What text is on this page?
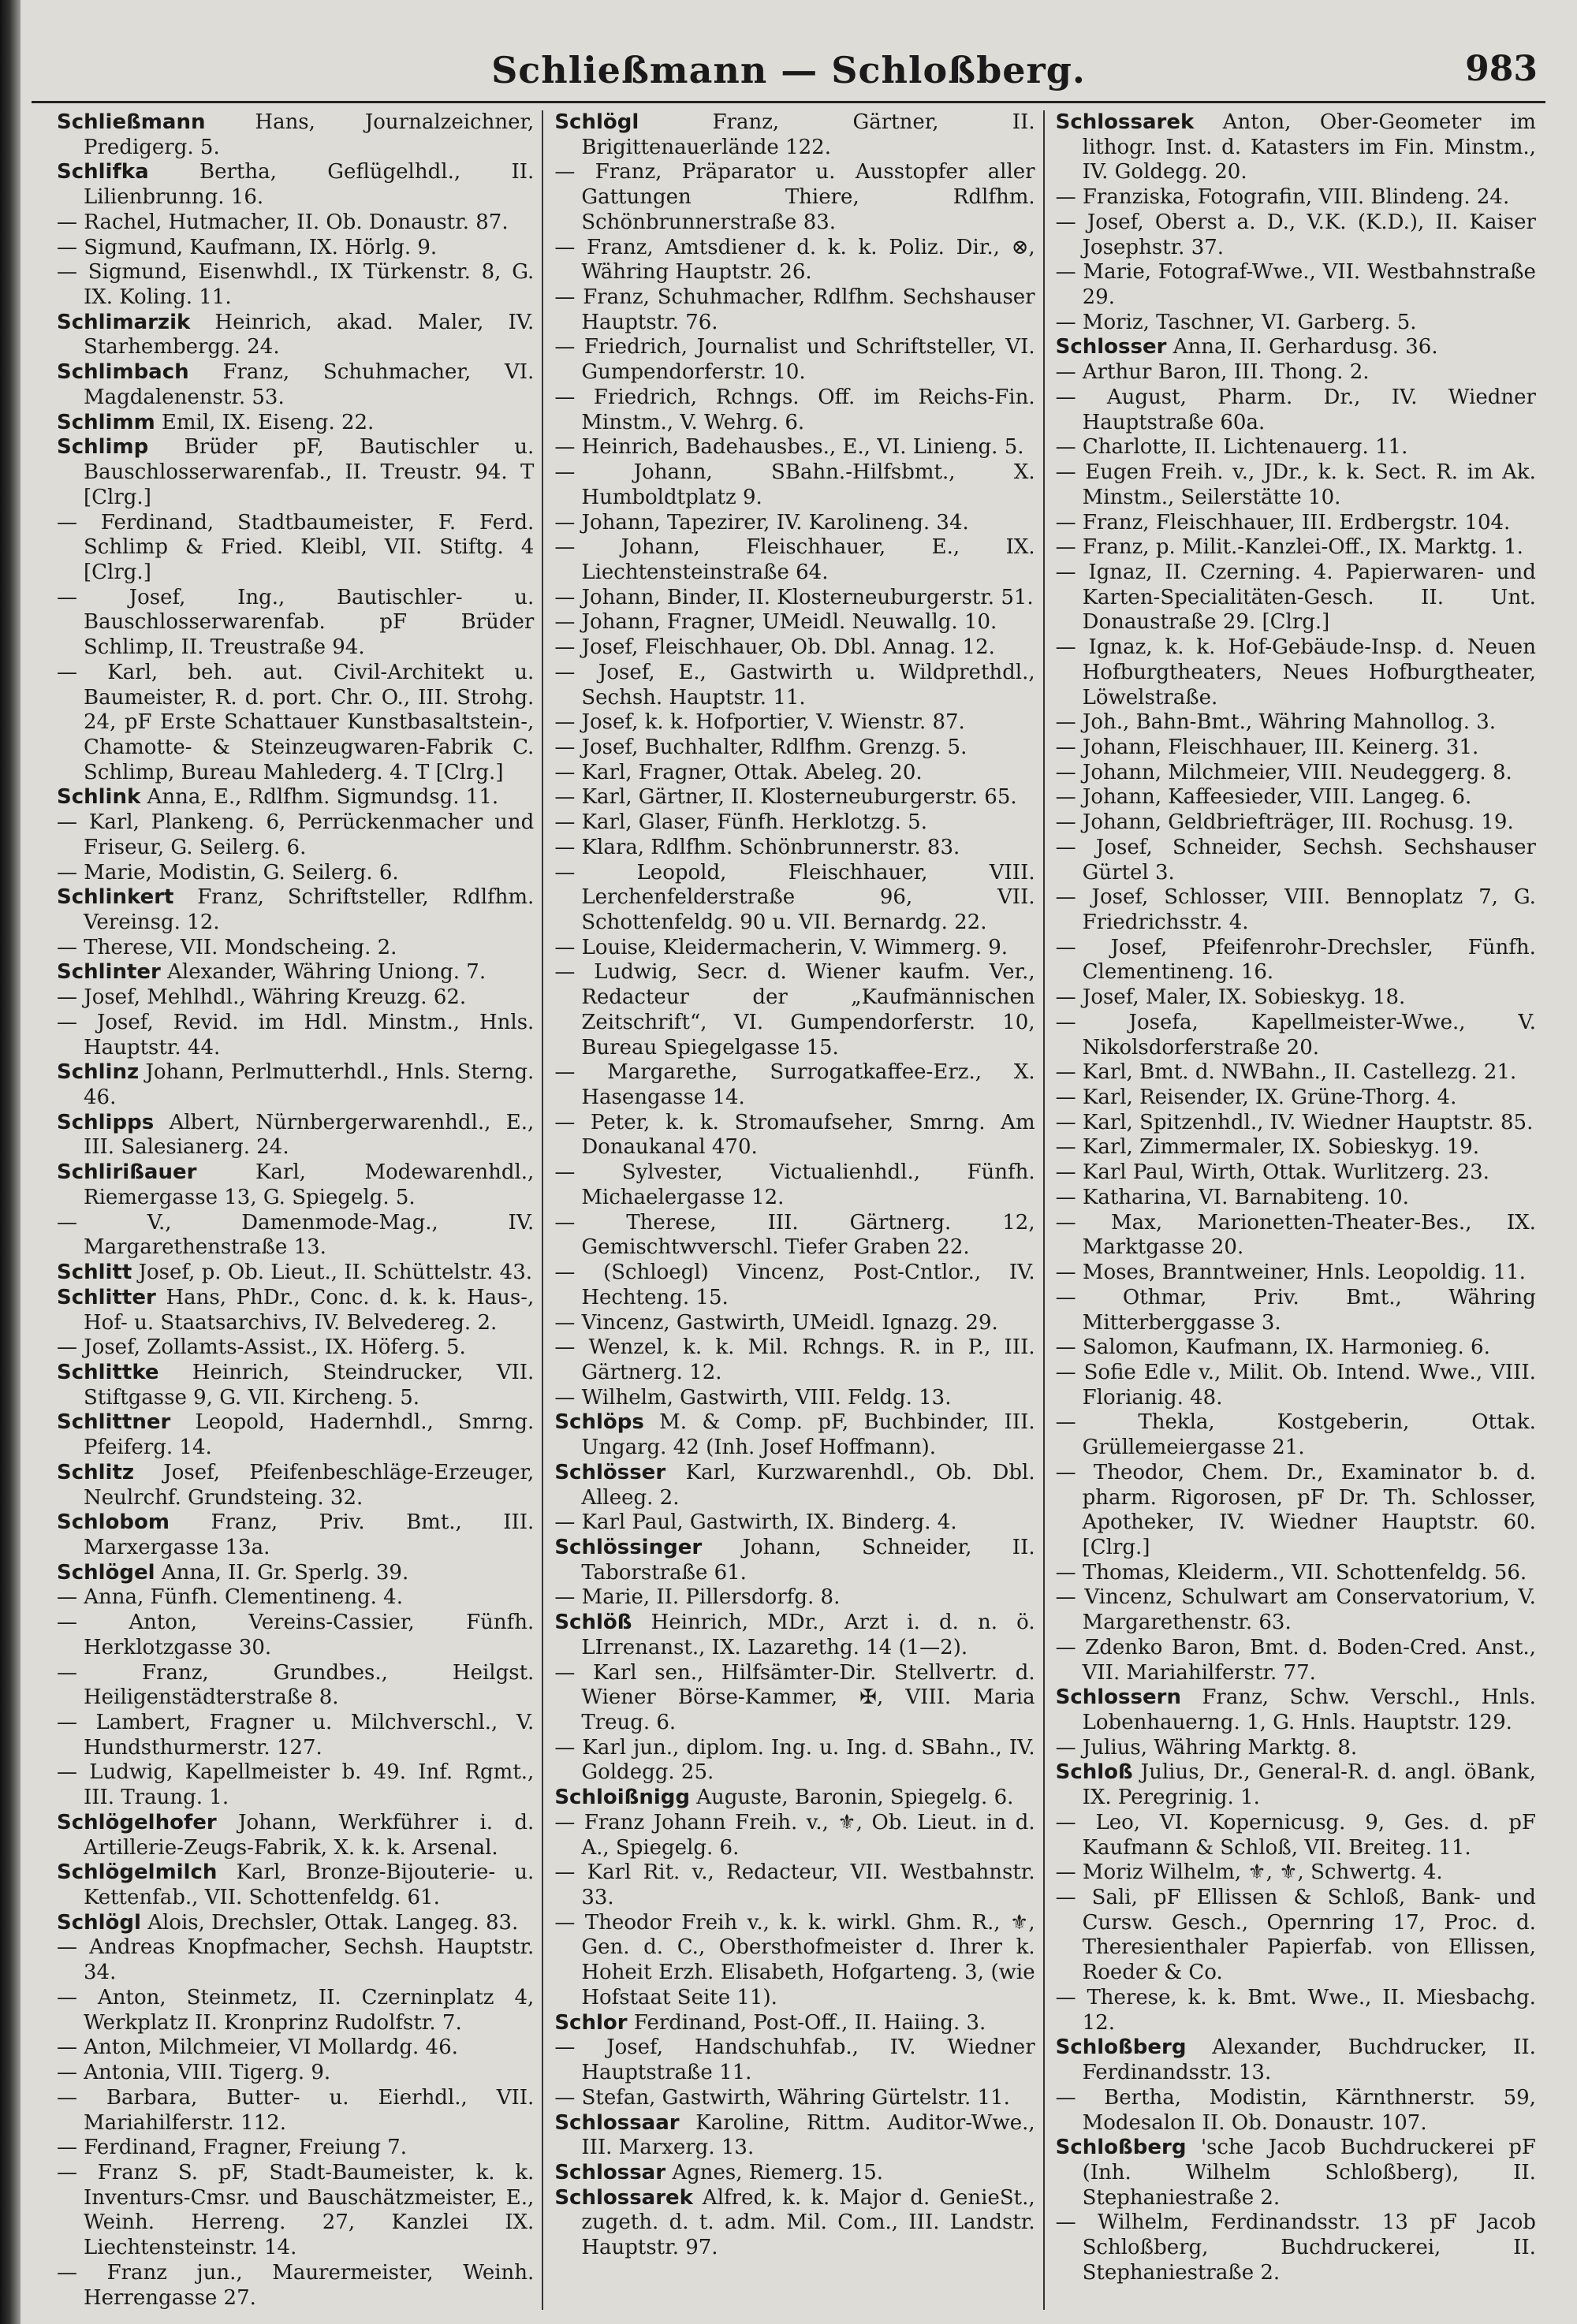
Schließmann — Schloßberg.	983

Schließmann Hans, Journalzeichner, Predigerg. 5.

Schlifka Bertha, Geflügelhdl., II. Lilienbrunng. 16.

— Rachel, Hutmacher, II. Ob. Donaustr. 87.

— Sigmund, Kaufmann, IX. Hörlg. 9.

— Sigmund, Eisenwhdl., IX Türkenstr. 8, G. IX. Koling. 11.

Schlimarzik Heinrich, akad. Maler, IV. Starhembergg. 24.

Schlimbach Franz, Schuhmacher, VI. Magdalenenstr. 53.

Schlimm Emil, IX. Eiseng. 22.

Schlimp Brüder pF, Bautischler u. Bauschlosserwarenfab., II. Treustr. 94. T [Clrg.]

— Ferdinand, Stadtbaumeister, F. Ferd. Schlimp & Fried. Kleibl, VII. Stiftg. 4 [Clrg.]

— Josef, Ing., Bautischler- u. Bauschlosserwarenfab. pF Brüder Schlimp, II. Treustraße 94.

— Karl, beh. aut. Civil-Architekt u. Baumeister, R. d. port. Chr. O., III. Strohg. 24, pF Erste Schattauer Kunstbasaltstein-, Chamotte- & Steinzeugwaren-Fabrik C. Schlimp, Bureau Mahlederg. 4. T [Clrg.]

Schlink Anna, E., Rdlfhm. Sigmundsg. 11.

— Karl, Plankeng. 6, Perrückenmacher und Friseur, G. Seilerg. 6.

— Marie, Modistin, G. Seilerg. 6.

Schlinkert Franz, Schriftsteller, Rdlfhm. Vereinsg. 12.

— Therese, VII. Mondscheing. 2.

Schlinter Alexander, Währing Uniong. 7.

— Josef, Mehlhdl., Währing Kreuzg. 62.

— Josef, Revid. im Hdl. Minstm., Hnls. Hauptstr. 44.

Schlinz Johann, Perlmutterhdl., Hnls. Sterng. 46.

Schlipps Albert, Nürnbergerwarenhdl., E., III. Salesianerg. 24.

Schlirißauer	Karl, Modewarenhdl., Riemergasse 13, G. Spiegelg. 5.

— V., Damenmode-Mag., IV. Margarethenstraße 13.

Schlitt Josef, p. Ob. Lieut., II. Schüttelstr. 43.

Schlitter Hans, PhDr., Conc. d. k. k. Haus-, Hof- u. Staatsarchivs, IV. Belvedereg. 2.

— Josef, Zollamts-Assist., IX. Höferg. 5.

Schlittke Heinrich, Steindrucker, VII. Stiftgasse 9, G. VII. Kircheng. 5.

Schlittner Leopold, Hadernhdl., Smrng. Pfeiferg. 14.

Schlitz Josef, Pfeifenbeschläge-Erzeuger, Neulrchf. Grundsteing. 32.

Schlobom Franz, Priv. Bmt., III. Marxergasse 13a.

Schlögel Anna, II. Gr. Sperlg. 39.

— Anna, Fünfh. Clementineng. 4.

— Anton, Vereins-Cassier, Fünfh. Herklotzgasse 30.

— Franz, Grundbes., Heilgst. Heiligenstädterstraße 8.

— Lambert, Fragner u. Milchverschl., V. Hundsthurmerstr. 127.

— Ludwig, Kapellmeister b. 49. Inf. Rgmt., III. Traung. 1.

Schlögelhofer Johann, Werkführer i. d. Artillerie-Zeugs-Fabrik, X. k. k. Arsenal.

Schlögelmilch Karl, Bronze-Bijouterie- u. Kettenfab., VII. Schottenfeldg. 61.

Schlögl Alois, Drechsler, Ottak. Langeg. 83.

— Andreas Knopfmacher, Sechsh. Hauptstr. 34.

— Anton, Steinmetz, II. Czerninplatz 4, Werkplatz II. Kronprinz Rudolfstr. 7.

— Anton, Milchmeier, VI Mollardg. 46.

— Antonia, VIII. Tigerg. 9.

— Barbara, Butter- u. Eierhdl., VII. Mariahilferstr. 112.

— Ferdinand, Fragner, Freiung 7.

— Franz S. pF, Stadt-Baumeister, k. k. Inventurs-Cmsr. und Bauschätzmeister, E., Weinh. Herreng. 27, Kanzlei IX. Liechtensteinstr. 14.

— Franz jun., Maurermeister, Weinh. Herrengasse 27.

Schlögl	Franz, Gärtner, II. Brigittenauerlände 122.

— Franz, Präparator u. Ausstopfer aller Gattungen Thiere, Rdlfhm. Schönbrunnerstraße 83.

— Franz, Amtsdiener d. k. k. Poliz. Dir., ⊗, Währing Hauptstr. 26.

— Franz, Schuhmacher, Rdlfhm. Sechshauser Hauptstr. 76.

— Friedrich, Journalist und Schriftsteller, VI. Gumpendorferstr. 10.

— Friedrich, Rchngs. Off. im Reichs-Fin. Minstm., V. Wehrg. 6.

— Heinrich, Badehausbes., E., VI. Linieng. 5.

— Johann, SBahn.-Hilfsbmt., X. Humboldtplatz 9.

— Johann, Tapezirer, IV. Karolineng. 34.

— Johann, Fleischhauer, E., IX. Liechtensteinstraße 64.

— Johann, Binder, II. Klosterneuburgerstr. 51.

— Johann, Fragner, UMeidl. Neuwallg. 10.

— Josef, Fleischhauer, Ob. Dbl. Annag. 12.

— Josef, E., Gastwirth u. Wildprethdl., Sechsh. Hauptstr. 11.

— Josef, k. k. Hofportier, V. Wienstr. 87.

— Josef, Buchhalter, Rdlfhm. Grenzg. 5.

— Karl, Fragner, Ottak. Abeleg. 20.

— Karl, Gärtner, II. Klosterneuburgerstr. 65.

— Karl, Glaser, Fünfh. Herklotzg. 5.

— Klara, Rdlfhm. Schönbrunnerstr. 83.

— Leopold, Fleischhauer, VIII. Lerchenfelderstraße 96, VII. Schottenfeldg. 90 u. VII. Bernardg. 22.

— Louise, Kleidermacherin, V. Wimmerg. 9.

— Ludwig, Secr. d. Wiener kaufm. Ver., Redacteur der „Kaufmännischen Zeitschrift“, VI. Gumpendorferstr. 10, Bureau Spiegelgasse 15.

— Margarethe, Surrogatkaffee-Erz., X. Hasengasse 14.

— Peter, k. k. Stromaufseher, Smrng. Am Donaukanal 470.

— Sylvester, Victualienhdl., Fünfh. Michaelergasse 12.

— Therese, III. Gärtnerg. 12, Gemischtwverschl. Tiefer Graben 22.

— (Schloegl) Vincenz, Post-Cntlor., IV. Hechteng. 15.

— Vincenz, Gastwirth, UMeidl. Ignazg. 29.

— Wenzel, k. k. Mil. Rchngs. R. in P., III. Gärtnerg. 12.

— Wilhelm, Gastwirth, VIII. Feldg. 13.

Schlöps M. & Comp. pF, Buchbinder, III. Ungarg. 42 (Inh. Josef Hoffmann).

Schlösser Karl, Kurzwarenhdl., Ob. Dbl. Alleeg. 2.

— Karl Paul, Gastwirth, IX. Binderg. 4.

Schlössinger Johann, Schneider, II. Taborstraße 61.

— Marie, II. Pillersdorfg. 8.

Schlöß Heinrich, MDr., Arzt i. d. n. ö. LIrrenanst., IX. Lazarethg. 14 (1—2).

— Karl sen., Hilfsämter-Dir. Stellvertr. d. Wiener Börse-Kammer, ✠, VIII. Maria Treug. 6.

— Karl jun., diplom. Ing. u. Ing. d. SBahn., IV. Goldegg. 25.

Schloißnigg Auguste, Baronin, Spiegelg. 6.

— Franz Johann Freih. v., ⚜, Ob. Lieut. in d. A., Spiegelg. 6.

— Karl Rit. v., Redacteur, VII. Westbahnstr. 33.

— Theodor Freih v., k. k. wirkl. Ghm. R., ⚜, Gen. d. C., Obersthofmeister d. Ihrer k. Hoheit Erzh. Elisabeth, Hofgarteng. 3, (wie Hofstaat Seite 11).

Schlor Ferdinand, Post-Off., II. Haiing. 3.

— Josef, Handschuhfab., IV. Wiedner Hauptstraße 11.

— Stefan, Gastwirth, Währing Gürtelstr. 11.

Schlossaar Karoline, Rittm. Auditor-Wwe., III. Marxerg. 13.

Schlossar Agnes, Riemerg. 15.

Schlossarek Alfred, k. k. Major d. GenieSt., zugeth. d. t. adm. Mil. Com., III. Landstr. Hauptstr. 97.

Schlossarek Anton, Ober-Geometer im lithogr. Inst. d. Katasters im Fin. Minstm., IV. Goldegg. 20.

— Franziska, Fotografin, VIII. Blindeng. 24.

— Josef, Oberst a. D., V.K. (K.D.), II. Kaiser Josephstr. 37.

— Marie, Fotograf-Wwe., VII. Westbahnstraße 29.

— Moriz, Taschner, VI. Garberg. 5.

Schlosser Anna, II. Gerhardusg. 36.

— Arthur Baron, III. Thong. 2.

— August, Pharm. Dr., IV. Wiedner Hauptstraße 60a.

— Charlotte, II. Lichtenauerg. 11.

— Eugen Freih. v., JDr., k. k. Sect. R. im Ak. Minstm., Seilerstätte 10.

— Franz, Fleischhauer, III. Erdbergstr. 104.

— Franz, p. Milit.-Kanzlei-Off., IX. Marktg. 1.

— Ignaz, II. Czerning. 4. Papierwaren- und Karten-Specialitäten-Gesch. II. Unt. Donaustraße 29. [Clrg.]

— Ignaz, k. k. Hof-Gebäude-Insp. d. Neuen Hofburgtheaters, Neues Hofburgtheater, Löwelstraße.

— Joh., Bahn-Bmt., Währing Mahnollog. 3.

— Johann, Fleischhauer, III. Keinerg. 31.

— Johann, Milchmeier, VIII. Neudeggerg. 8.

— Johann, Kaffeesieder, VIII. Langeg. 6.

— Johann, Geldbriefträger, III. Rochusg. 19.

— Josef, Schneider, Sechsh. Sechshauser Gürtel 3.

— Josef, Schlosser, VIII. Bennoplatz 7, G. Friedrichsstr. 4.

— Josef, Pfeifenrohr-Drechsler, Fünfh. Clementineng. 16.

— Josef, Maler, IX. Sobieskyg. 18.

— Josefa, Kapellmeister-Wwe., V. Nikolsdorferstraße 20.

— Karl, Bmt. d. NWBahn., II. Castellezg. 21.

— Karl, Reisender, IX. Grüne-Thorg. 4.

— Karl, Spitzenhdl., IV. Wiedner Hauptstr. 85.

— Karl, Zimmermaler, IX. Sobieskyg. 19.

— Karl Paul, Wirth, Ottak. Wurlitzerg. 23.

— Katharina, VI. Barnabiteng. 10.

— Max, Marionetten-Theater-Bes., IX. Marktgasse 20.

— Moses, Branntweiner, Hnls. Leopoldig. 11.

— Othmar, Priv. Bmt., Währing Mitterberggasse 3.

— Salomon, Kaufmann, IX. Harmonieg. 6.

— Sofie Edle v., Milit. Ob. Intend. Wwe., VIII. Florianig. 48.

— Thekla, Kostgeberin, Ottak. Grüllemeiergasse 21.

— Theodor, Chem. Dr., Examinator b. d. pharm. Rigorosen, pF Dr. Th. Schlosser, Apotheker, IV. Wiedner Hauptstr. 60. [Clrg.]

— Thomas, Kleiderm., VII. Schottenfeldg. 56.

— Vincenz, Schulwart am Conservatorium, V. Margarethenstr. 63.

— Zdenko Baron, Bmt. d. Boden-Cred. Anst., VII. Mariahilferstr. 77.

Schlossern Franz, Schw. Verschl., Hnls. Lobenhauerng. 1, G. Hnls. Hauptstr. 129.

— Julius, Währing Marktg. 8.

Schloß Julius, Dr., General-R. d. angl. öBank, IX. Peregrinig. 1.

— Leo, VI. Kopernicusg. 9, Ges. d. pF Kaufmann & Schloß, VII. Breiteg. 11.

— Moriz Wilhelm, ⚜, ⚜, Schwertg. 4.

— Sali, pF Ellissen & Schloß, Bank- und Cursw. Gesch., Opernring 17, Proc. d. Theresienthaler Papierfab. von Ellissen, Roeder & Co.

— Therese, k. k. Bmt. Wwe., II. Miesbachg. 12.

Schloßberg Alexander, Buchdrucker, II. Ferdinandsstr. 13.

— Bertha, Modistin, Kärnthnerstr. 59, Modesalon II. Ob. Donaustr. 107.

Schloßberg 'sche Jacob Buchdruckerei pF (Inh. Wilhelm Schloßberg), II. Stephaniestraße 2.

— Wilhelm, Ferdinandsstr. 13 pF Jacob Schloßberg, Buchdruckerei, II. Stephaniestraße 2.
